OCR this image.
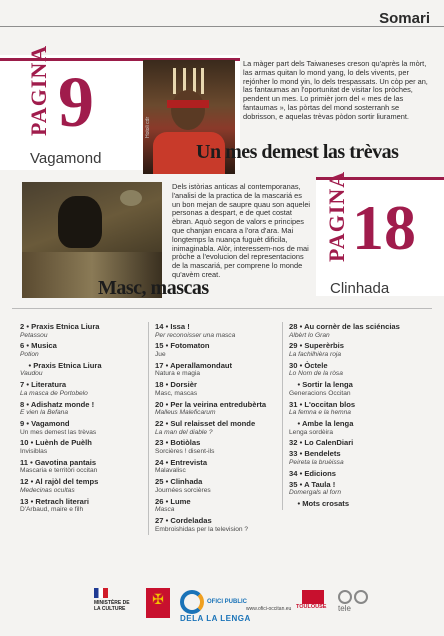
Somari
PAGINA 9
Vagamond
Hotoli cdr
La màger part dels Taiwaneses creson qu'après la mòrt, las armas quitan lo mond yang, lo dels vivents, per rejónher lo mond yin, lo dels trespassats. Un còp per an, las fantaumas an l'oportunitat de visitar los pròches, pendent un mes. Lo primièr jorn del « mes de las fantaumas », las pòrtas del mond sosterranh se dobrisson, e aquelas trèvas pòdon sortir liurament.
Un mes demest las trèvas
Dels istòrias anticas al contemporanas, l'analisi de la practica de la mascariá es un bon mejan de saupre quau son aquelei personas a despart, e de quet costat èbran. Aquò segon de valors e principes que chanjan encara a l'ora d'ara. Mai longtemps la nuança fuguèt dificila, inimaginabla. Alòr, interessem-nos de mai pròche a l'evolucion del representacions de la mascariá, per comprene lo monde qu'avèm creat.
Masc, mascas
PAGINA 18
Clinhada
2 • Praxis Etnica Liura
Petassou
6 • Musica
Potion
• Praxis Etnica Liura
Vaudou
7 • Literatura
La masca de Portobelo
8 • Adishatz monde !
E vien la Befana
9 • Vagamond
Un mes demest las trèvas
10 • Luènh de Puèlh
Invisiblas
11 • Gavotina pantais
Mascaria e territòri occitan
12 • Al rajòl del temps
Medecinas ocultas
13 • Retrach literari
D'Arbaud, maire e filh
14 • Issa !
Per reconoisser una masca
15 • Fotomaton
Jue
17 • Aperallamondaut
Natura e magia
18 • Dorsièr
Masc, mascas
20 • Per la veirina entredubèrta
Malleus Maleficarum
22 • Sul relaisset del monde
La man del diable ?
23 • Botiòlas
Sorcières ! disent-ils
24 • Entrevista
Malavalisc
25 • Clinhada
Journées sorcières
26 • Lume
Masca
27 • Cordeladas
Embroishidas per la television ?
28 • Au cornèr de las sciéncias
Albèrt lo Gran
29 • Superèrbis
La fachilhièra roja
30 • Òctele
Lo Nom de la ròsa
• Sortir la lenga
Generacions Occitan
31 • L'occitan blos
La femna e la hemna
• Ambe la lenga
Lenga sordèira
32 • Lo CalenDiari
33 • Bendelets
Peireta la bruèissa
34 • Edicions
35 • A Taula !
Domergals al forn
• Mots crosats
MINISTÈRE DE LA CULTURE
✠	OFICI PUBLIC
DELA LA LENGA
www.ofici-occitan.eu TOULOUSE	tele
